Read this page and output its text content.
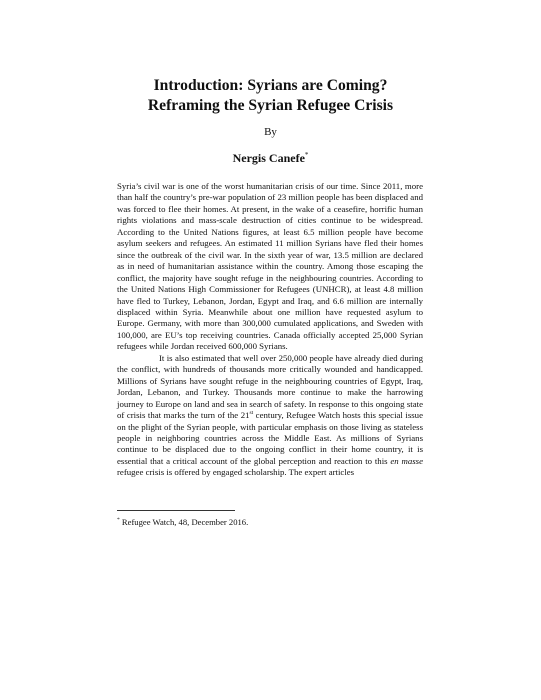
Introduction: Syrians are Coming?
Reframing the Syrian Refugee Crisis
By
Nergis Canefe*

Syria’s civil war is one of the worst humanitarian crisis of our time. Since 2011, more than half the country’s pre-war population of 23 million people has been displaced and was forced to flee their homes. At present, in the wake of a ceasefire, horrific human rights violations and mass-scale destruction of cities continue to be widespread. According to the United Nations figures, at least 6.5 million people have become asylum seekers and refugees. An estimated 11 million Syrians have fled their homes since the outbreak of the civil war. In the sixth year of war, 13.5 million are declared as in need of humanitarian assistance within the country. Among those escaping the conflict, the majority have sought refuge in the neighbouring countries. According to the United Nations High Commissioner for Refugees (UNHCR), at least 4.8 million have fled to Turkey, Lebanon, Jordan, Egypt and Iraq, and 6.6 million are internally displaced within Syria. Meanwhile about one million have requested asylum to Europe. Germany, with more than 300,000 cumulated applications, and Sweden with 100,000, are EU’s top receiving countries. Canada officially accepted 25,000 Syrian refugees while Jordan received 600,000 Syrians.

It is also estimated that well over 250,000 people have already died during the conflict, with hundreds of thousands more critically wounded and handicapped. Millions of Syrians have sought refuge in the neighbouring countries of Egypt, Iraq, Jordan, Lebanon, and Turkey. Thousands more continue to make the harrowing journey to Europe on land and sea in search of safety. In response to this ongoing state of crisis that marks the turn of the 21st century, Refugee Watch hosts this special issue on the plight of the Syrian people, with particular emphasis on those living as stateless people in neighboring countries across the Middle East. As millions of Syrians continue to be displaced due to the ongoing conflict in their home country, it is essential that a critical account of the global perception and reaction to this en masse refugee crisis is offered by engaged scholarship. The expert articles

* Refugee Watch, 48, December 2016.
